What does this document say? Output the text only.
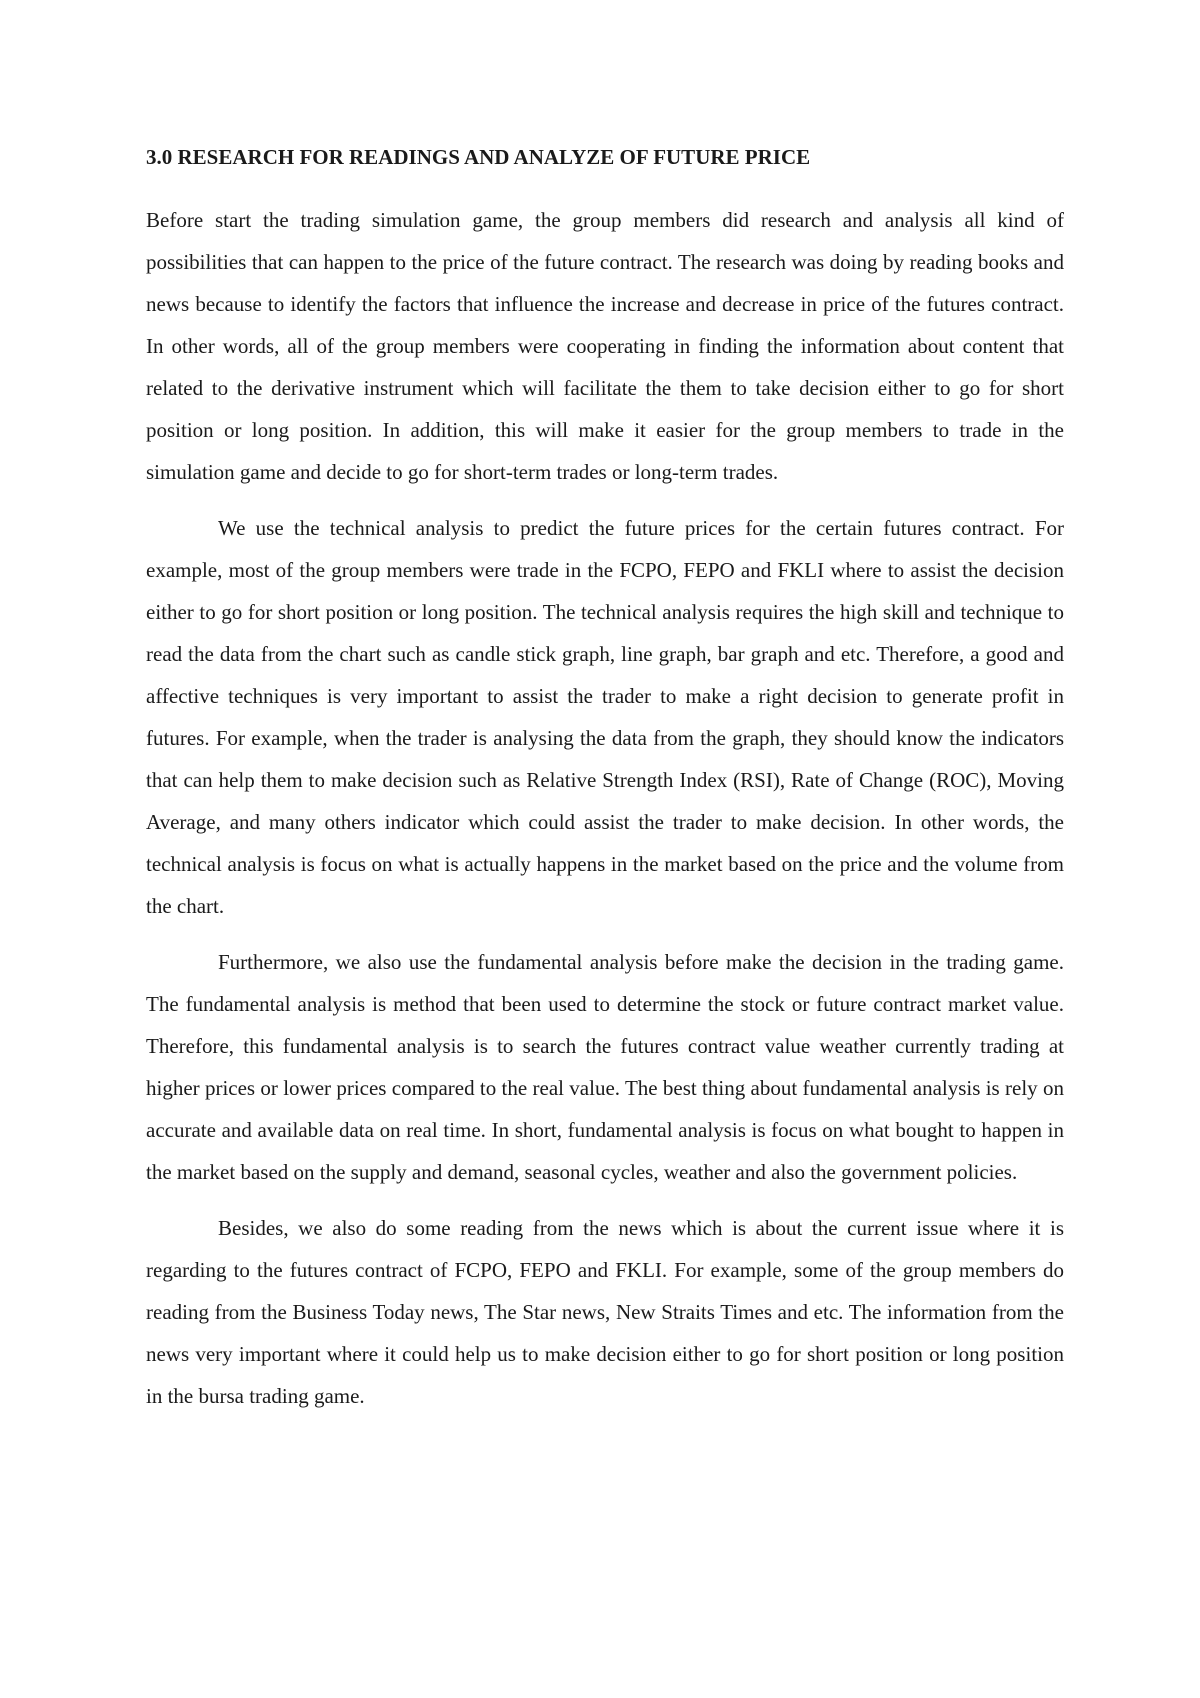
3.0 RESEARCH FOR READINGS AND ANALYZE OF FUTURE PRICE

Before start the trading simulation game, the group members did research and analysis all kind of possibilities that can happen to the price of the future contract. The research was doing by reading books and news because to identify the factors that influence the increase and decrease in price of the futures contract. In other words, all of the group members were cooperating in finding the information about content that related to the derivative instrument which will facilitate the them to take decision either to go for short position or long position. In addition, this will make it easier for the group members to trade in the simulation game and decide to go for short-term trades or long-term trades.

We use the technical analysis to predict the future prices for the certain futures contract. For example, most of the group members were trade in the FCPO, FEPO and FKLI where to assist the decision either to go for short position or long position. The technical analysis requires the high skill and technique to read the data from the chart such as candle stick graph, line graph, bar graph and etc. Therefore, a good and affective techniques is very important to assist the trader to make a right decision to generate profit in futures. For example, when the trader is analysing the data from the graph, they should know the indicators that can help them to make decision such as Relative Strength Index (RSI), Rate of Change (ROC), Moving Average, and many others indicator which could assist the trader to make decision. In other words, the technical analysis is focus on what is actually happens in the market based on the price and the volume from the chart.

Furthermore, we also use the fundamental analysis before make the decision in the trading game. The fundamental analysis is method that been used to determine the stock or future contract market value. Therefore, this fundamental analysis is to search the futures contract value weather currently trading at higher prices or lower prices compared to the real value. The best thing about fundamental analysis is rely on accurate and available data on real time. In short, fundamental analysis is focus on what bought to happen in the market based on the supply and demand, seasonal cycles, weather and also the government policies.

Besides, we also do some reading from the news which is about the current issue where it is regarding to the futures contract of FCPO, FEPO and FKLI. For example, some of the group members do reading from the Business Today news, The Star news, New Straits Times and etc. The information from the news very important where it could help us to make decision either to go for short position or long position in the bursa trading game.
